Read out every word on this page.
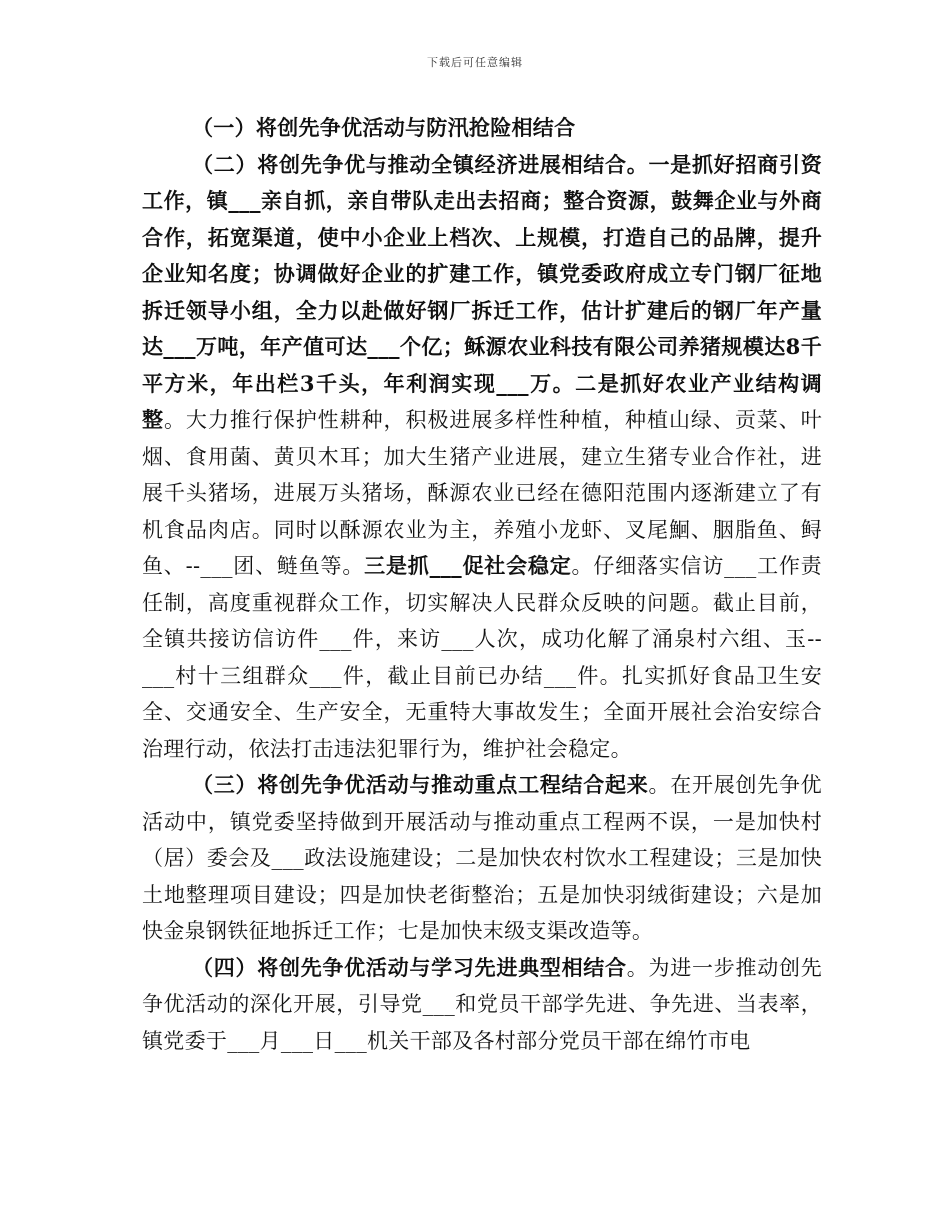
下载后可任意编辑

（一）将创先争优活动与防汛抢险相结合

（二）将创先争优与推动全镇经济进展相结合。一是抓好招商引资工作，镇___亲自抓，亲自带队走出去招商；整合资源，鼓舞企业与外商合作，拓宽渠道，使中小企业上档次、上规模，打造自己的品牌，提升企业知名度；协调做好企业的扩建工作，镇党委政府成立专门钢厂征地拆迁领导小组，全力以赴做好钢厂拆迁工作，估计扩建后的钢厂年产量达___万吨，年产值可达___个亿；稣源农业科技有限公司养猪规模达8千平方米，年出栏3千头，年利润实现___万。二是抓好农业产业结构调整。大力推行保护性耕种，积极进展多样性种植，种植山绿、贡菜、叶烟、食用菌、黄贝木耳；加大生猪产业进展，建立生猪专业合作社，进展千头猪场，进展万头猪场，酥源农业已经在德阳范围内逐渐建立了有机食品肉店。同时以酥源农业为主，养殖小龙虾、叉尾鮰、胭脂鱼、鲟鱼、--___团、鲢鱼等。三是抓___促社会稳定。仔细落实信访___工作责任制，高度重视群众工作，切实解决人民群众反映的问题。截止目前，全镇共接访信访件___件，来访___人次，成功化解了涌泉村六组、玉--___村十三组群众___件，截止目前已办结___件。扎实抓好食品卫生安全、交通安全、生产安全，无重特大事故发生；全面开展社会治安综合治理行动，依法打击违法犯罪行为，维护社会稳定。

（三）将创先争优活动与推动重点工程结合起来。在开展创先争优活动中，镇党委坚持做到开展活动与推动重点工程两不误，一是加快村（居）委会及___政法设施建设；二是加快农村饮水工程建设；三是加快土地整理项目建设；四是加快老街整治；五是加快羽绒街建设；六是加快金泉钢铁征地拆迁工作；七是加快末级支渠改造等。

（四）将创先争优活动与学习先进典型相结合。为进一步推动创先争优活动的深化开展，引导党___和党员干部学先进、争先进、当表率，镇党委于___月___日___机关干部及各村部分党员干部在绵竹市电
